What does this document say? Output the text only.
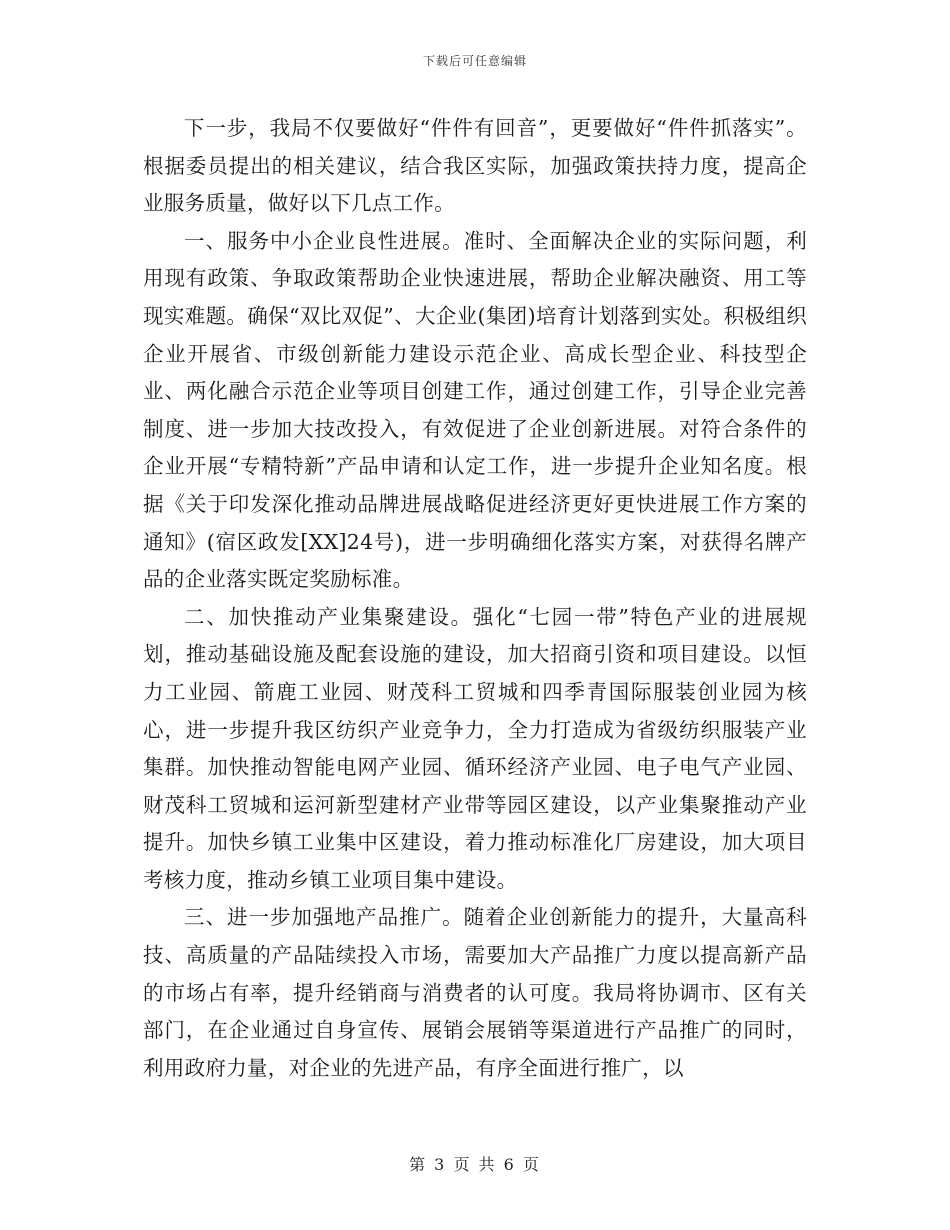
下载后可任意编辑

下一步，我局不仅要做好“件件有回音”，更要做好“件件抓落实”。根据委员提出的相关建议，结合我区实际，加强政策扶持力度，提高企业服务质量，做好以下几点工作。

一、服务中小企业良性进展。准时、全面解决企业的实际问题，利用现有政策、争取政策帮助企业快速进展，帮助企业解决融资、用工等现实难题。确保“双比双促”、大企业(集团)培育计划落到实处。积极组织企业开展省、市级创新能力建设示范企业、高成长型企业、科技型企业、两化融合示范企业等项目创建工作，通过创建工作，引导企业完善制度、进一步加大技改投入，有效促进了企业创新进展。对符合条件的企业开展“专精特新”产品申请和认定工作，进一步提升企业知名度。根据《关于印发深化推动品牌进展战略促进经济更好更快进展工作方案的通知》(宿区政发[XX]24号)，进一步明确细化落实方案，对获得名牌产品的企业落实既定奖励标准。

二、加快推动产业集聚建设。强化“七园一带”特色产业的进展规划，推动基础设施及配套设施的建设，加大招商引资和项目建设。以恒力工业园、箭鹿工业园、财茂科工贸城和四季青国际服装创业园为核心，进一步提升我区纺织产业竞争力，全力打造成为省级纺织服装产业集群。加快推动智能电网产业园、循环经济产业园、电子电气产业园、财茂科工贸城和运河新型建材产业带等园区建设，以产业集聚推动产业提升。加快乡镇工业集中区建设，着力推动标准化厂房建设，加大项目考核力度，推动乡镇工业项目集中建设。

三、进一步加强地产品推广。随着企业创新能力的提升，大量高科技、高质量的产品陆续投入市场，需要加大产品推广力度以提高新产品的市场占有率，提升经销商与消费者的认可度。我局将协调市、区有关部门，在企业通过自身宣传、展销会展销等渠道进行产品推广的同时，利用政府力量，对企业的先进产品，有序全面进行推广，以

第 3 页 共 6 页
